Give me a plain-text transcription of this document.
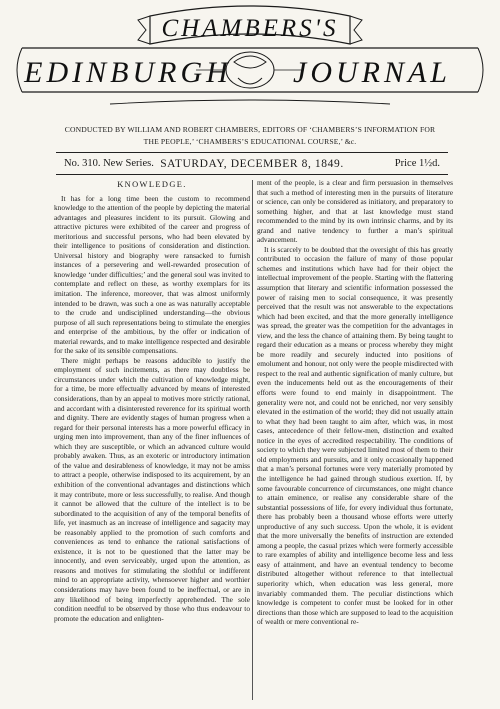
CHAMBERS'S
EDINBURGH JOURNAL
CONDUCTED BY WILLIAM AND ROBERT CHAMBERS, EDITORS OF ‘CHAMBERS’S INFORMATION FOR
THE PEOPLE,’ ‘CHAMBERS’S EDUCATIONAL COURSE,’ &c.
No. 310. New Series. SATURDAY, DECEMBER 8, 1849.	Price 1½d.
KNOWLEDGE.

It has for a long time been the custom to recommend knowledge to the attention of the people by depicting the material advantages and pleasures incident to its pursuit. Glowing and attractive pictures were exhibited of the career and progress of meritorious and successful persons, who had been elevated by their intelligence to positions of consideration and distinction. Universal history and biography were ransacked to furnish instances of a persevering and well-rewarded prosecution of knowledge ‘under difficulties;’ and the general soul was invited to contemplate and reflect on these, as worthy exemplars for its imitation. The inference, moreover, that was almost uniformly intended to be drawn, was such a one as was naturally acceptable to the crude and undisciplined understanding—the obvious purpose of all such representations being to stimulate the energies and enterprise of the ambitious, by the offer or indication of material rewards, and to make intelligence respected and desirable for the sake of its sensible compensations.

There might perhaps be reasons adducible to justify the employment of such incitements, as there may doubtless be circumstances under which the cultivation of knowledge might, for a time, be more effectually advanced by means of interested considerations, than by an appeal to motives more strictly rational, and accordant with a disinterested reverence for its spiritual worth and dignity. There are evidently stages of human progress when a regard for their personal interests has a more powerful efficacy in urging men into improvement, than any of the finer influences of which they are susceptible, or which an advanced culture would probably awaken. Thus, as an exoteric or introductory intimation of the value and desirableness of knowledge, it may not be amiss to attract a people, otherwise indisposed to its acquirement, by an exhibition of the conventional advantages and distinctions which it may contribute, more or less successfully, to realise. And though it cannot be allowed that the culture of the intellect is to be subordinated to the acquisition of any of the temporal benefits of life, yet inasmuch as an increase of intelligence and sagacity may be reasonably applied to the promotion of such comforts and conveniences as tend to enhance the rational satisfactions of existence, it is not to be questioned that the latter may be innocently, and even serviceably, urged upon the attention, as reasons and motives for stimulating the slothful or indifferent mind to an appropriate activity, whensoever higher and worthier considerations may have been found to be ineffectual, or are in any likelihood of being imperfectly apprehended. The sole condition needful to be observed by those who thus endeavour to promote the education and enlighten-

ment of the people, is a clear and firm persuasion in themselves that such a method of interesting men in the pursuits of literature or science, can only be considered as initiatory, and preparatory to something higher, and that at last knowledge must stand recommended to the mind by its own intrinsic charms, and by its grand and native tendency to further a man’s spiritual advancement.

It is scarcely to be doubted that the oversight of this has greatly contributed to occasion the failure of many of those popular schemes and institutions which have had for their object the intellectual improvement of the people. Starting with the flattering assumption that literary and scientific information possessed the power of raising men to social consequence, it was presently perceived that the result was not answerable to the expectations which had been excited, and that the more generally intelligence was spread, the greater was the competition for the advantages in view, and the less the chance of attaining them. By being taught to regard their education as a means or process whereby they might be more readily and securely inducted into positions of emolument and honour, not only were the people misdirected with respect to the real and authentic signification of manly culture, but even the inducements held out as the encouragements of their efforts were found to end mainly in disappointment. The generality were not, and could not be enriched, nor very sensibly elevated in the estimation of the world; they did not usually attain to what they had been taught to aim after, which was, in most cases, antecedence of their fellow-men, distinction and exalted notice in the eyes of accredited respectability. The conditions of society to which they were subjected limited most of them to their old employments and pursuits, and it only occasionally happened that a man’s personal fortunes were very materially promoted by the intelligence he had gained through studious exertion. If, by some favourable concurrence of circumstances, one might chance to attain eminence, or realise any considerable share of the substantial possessions of life, for every individual thus fortunate, there has probably been a thousand whose efforts were utterly unproductive of any such success. Upon the whole, it is evident that the more universally the benefits of instruction are extended among a people, the casual prizes which were formerly accessible to rare examples of ability and intelligence become less and less easy of attainment, and have an eventual tendency to become distributed altogether without reference to that intellectual superiority which, when education was less general, more invariably commanded them. The peculiar distinctions which knowledge is competent to confer must be looked for in other directions than those which are supposed to lead to the acquisition of wealth or mere conventional re-
